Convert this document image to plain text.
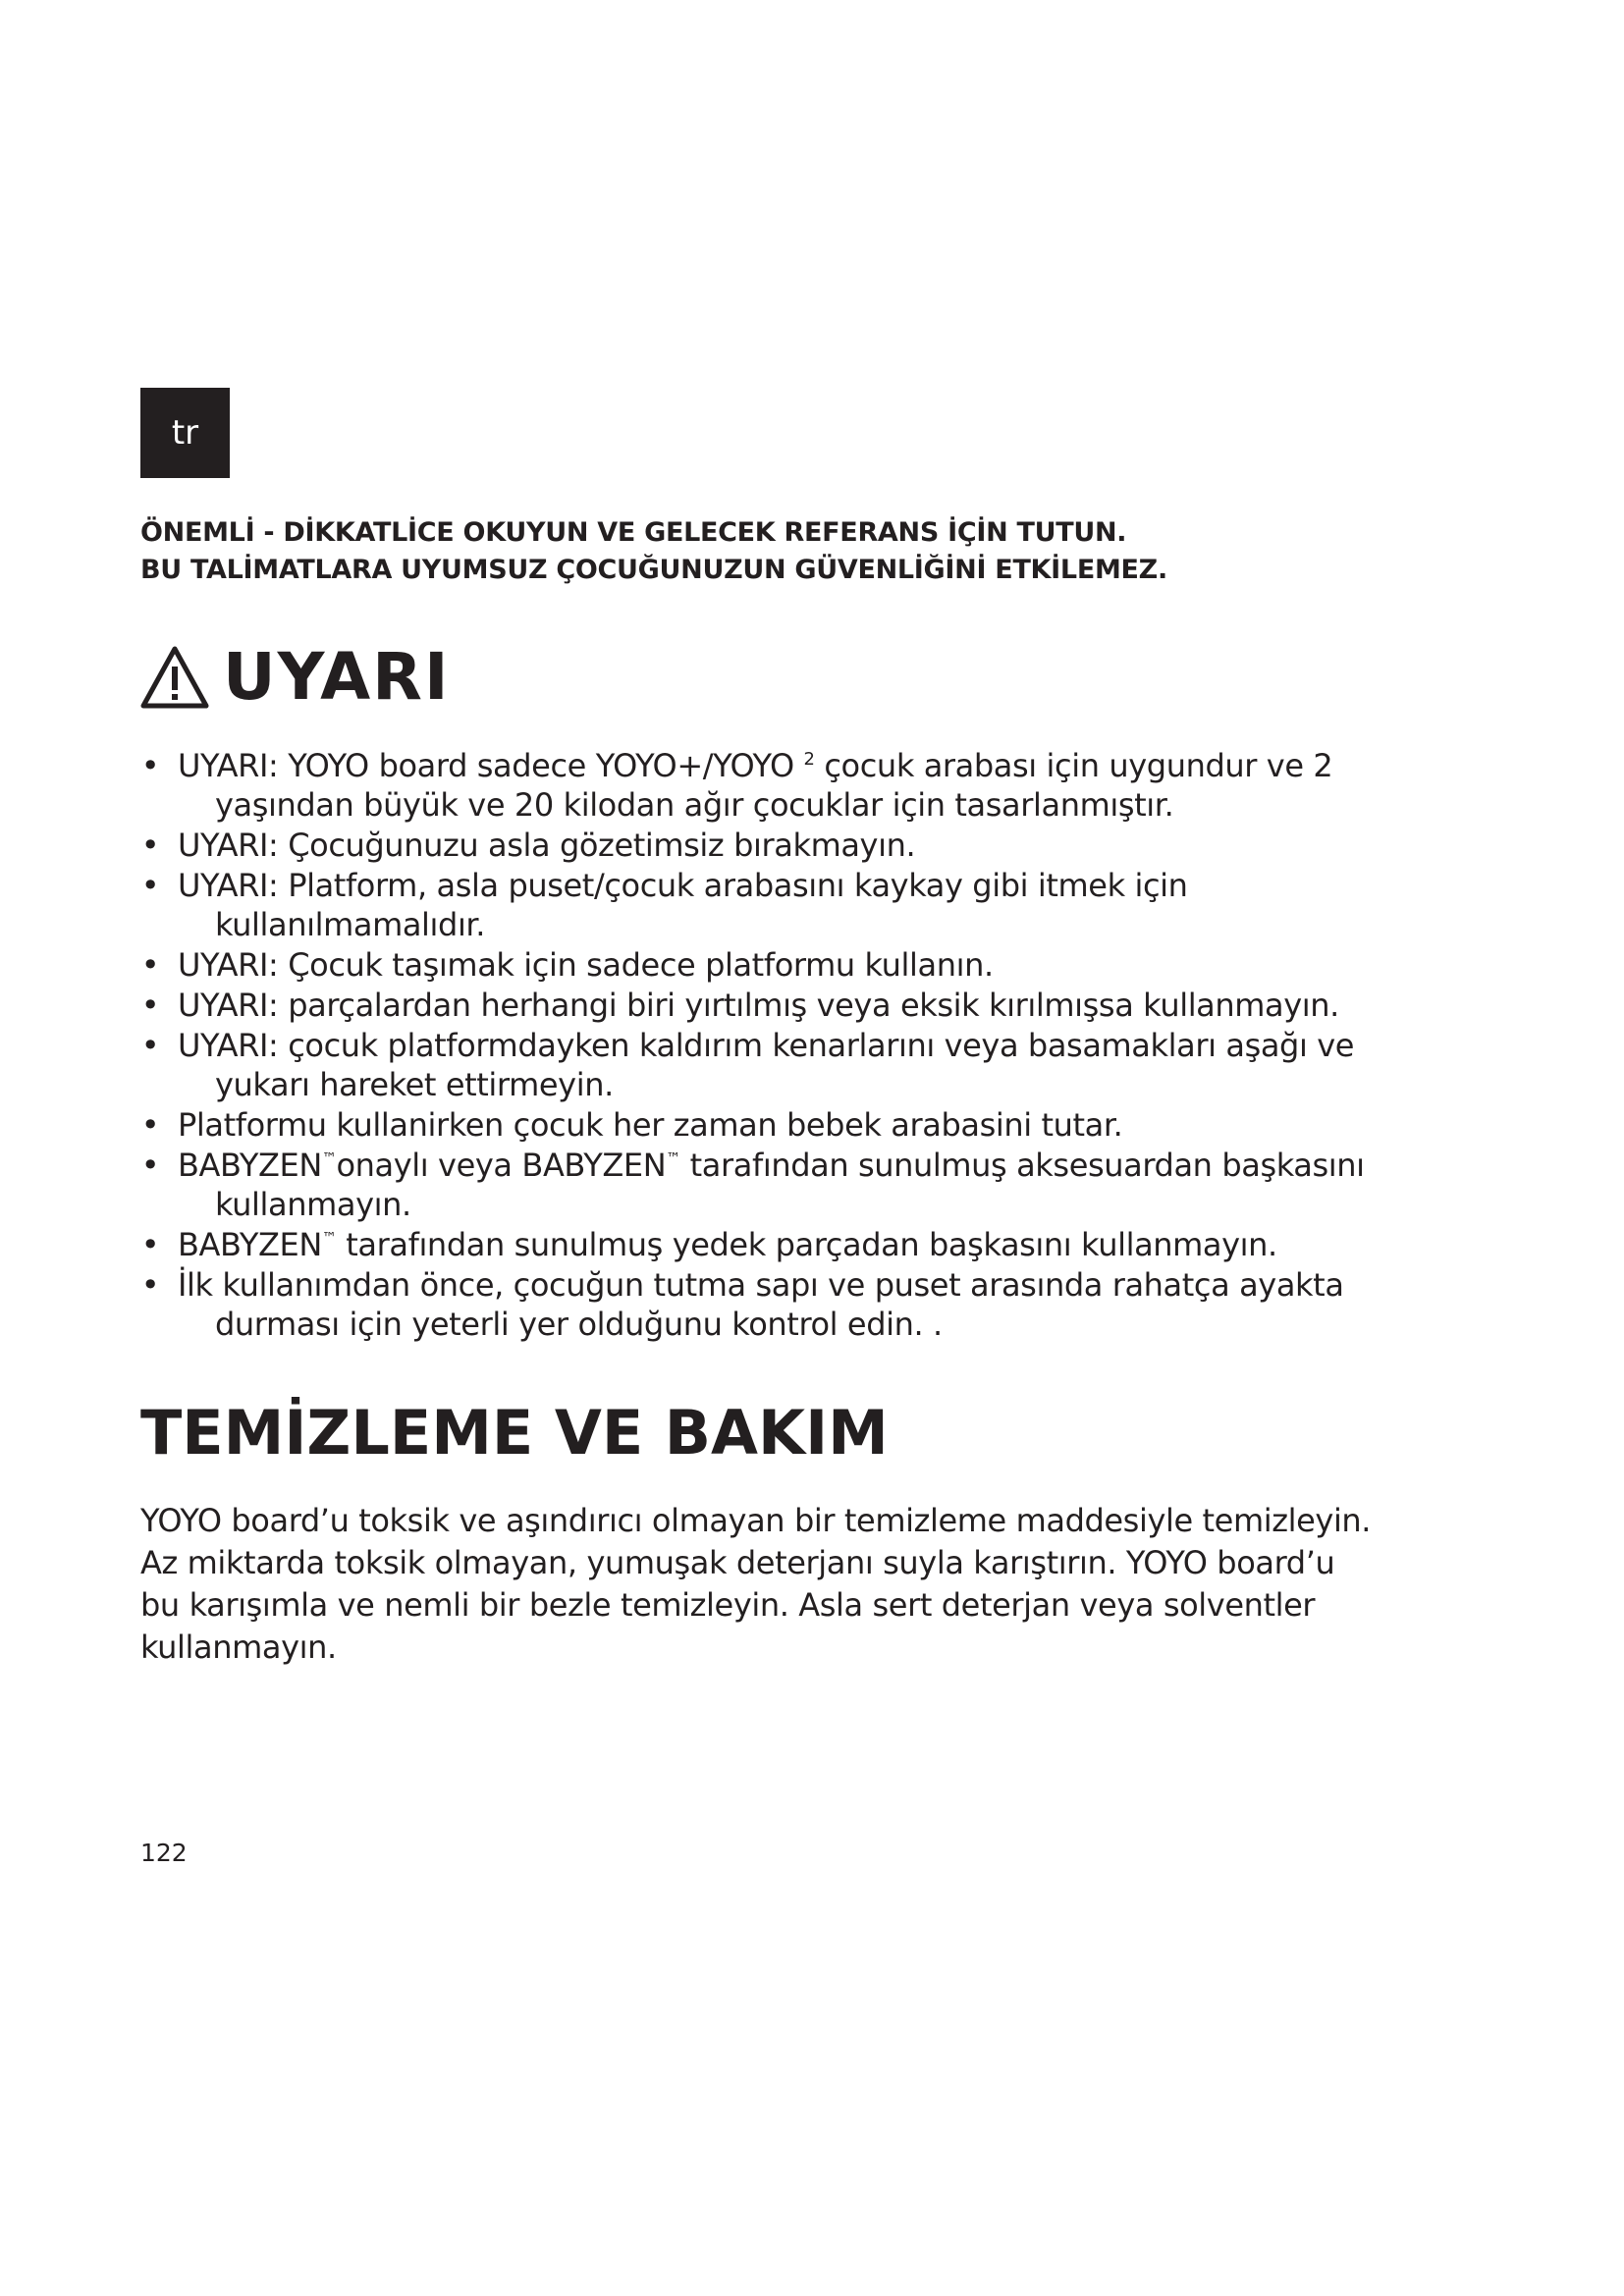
tr
ÖNEMLİ - DİKKATLİCE OKUYUN VE GELECEK REFERANS İÇİN TUTUN.
BU TALİMATLARA UYUMSUZ ÇOCUĞUNUZUN GÜVENLİĞİNİ ETKİLEMEZ.
UYARI
• UYARI: YOYO board sadece YOYO+/YOYO $^2$ çocuk arabası için uygundur ve 2
yaşından büyük ve 20 kilodan ağır çocuklar için tasarlanmıştır.
• UYARI: Çocuğunuzu asla gözetimsiz bırakmayın.
• UYARI: Platform, asla puset/çocuk arabasını kaykay gibi itmek için
kullanılmamalıdır.
• UYARI: Çocuk taşımak için sadece platformu kullanın.
• UYARI: parçalardan herhangi biri yırtılmış veya eksik kırılmışsa kullanmayın.
• UYARI: çocuk platformdayken kaldırım kenarlarını veya basamakları aşağı ve
yukarı hareket ettirmeyin.
• Platformu kullanirken çocuk her zaman bebek arabasini tutar.
• BABYZEN™onaylı veya BABYZEN™ tarafından sunulmuş aksesuardan başkasını
kullanmayın.
• BABYZEN™ tarafından sunulmuş yedek parçadan başkasını kullanmayın.
• İlk kullanımdan önce, çocuğun tutma sapı ve puset arasında rahatça ayakta
durması için yeterli yer olduğunu kontrol edin. .
TEMİZLEME VE BAKIM
YOYO board’u toksik ve aşındırıcı olmayan bir temizleme maddesiyle temizleyin.
Az miktarda toksik olmayan, yumuşak deterjanı suyla karıştırın. YOYO board’u
bu karışımla ve nemli bir bezle temizleyin. Asla sert deterjan veya solventler
kullanmayın.
122
